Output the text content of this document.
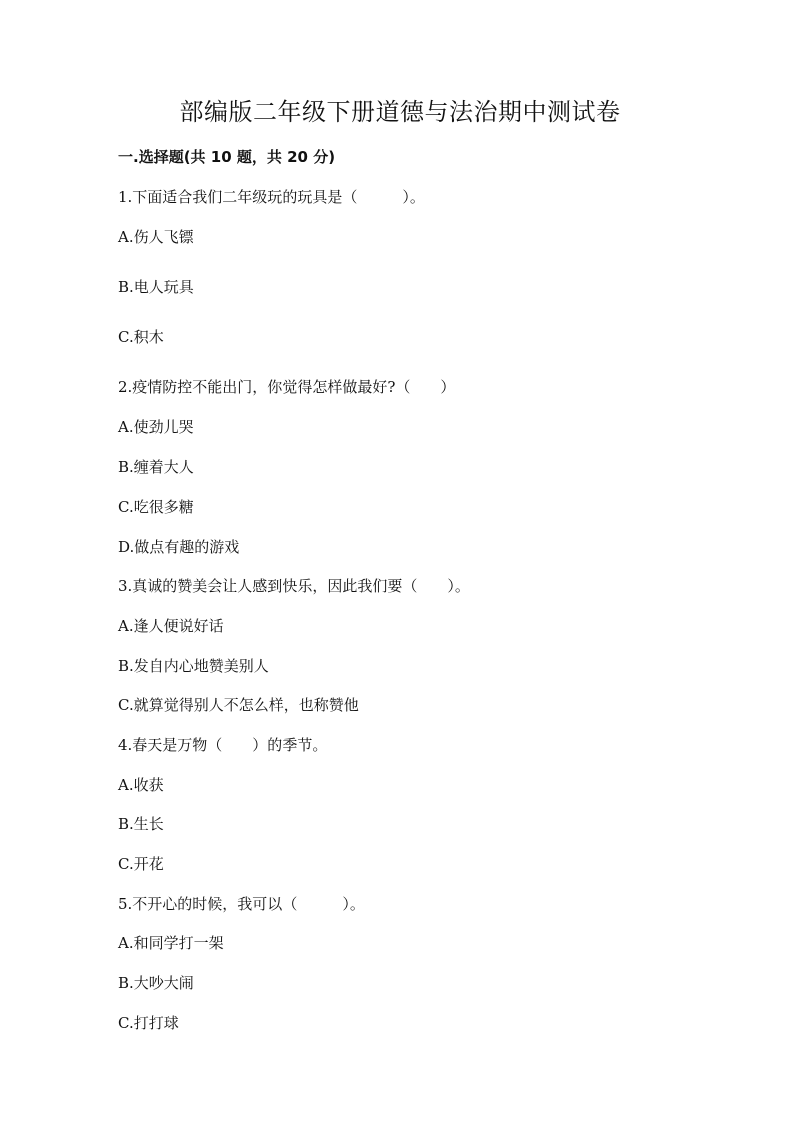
部编版二年级下册道德与法治期中测试卷
一.选择题(共 10 题，共 20 分)
1.下面适合我们二年级玩的玩具是（　　　）。
A.伤人飞镖
B.电人玩具
C.积木
2.疫情防控不能出门，你觉得怎样做最好?（　　）
A.使劲儿哭
B.缠着大人
C.吃很多糖
D.做点有趣的游戏
3.真诚的赞美会让人感到快乐，因此我们要（　　）。
A.逢人便说好话
B.发自内心地赞美别人
C.就算觉得别人不怎么样，也称赞他
4.春天是万物（　　）的季节。
A.收获
B.生长
C.开花
5.不开心的时候，我可以（　　　）。
A.和同学打一架
B.大吵大闹
C.打打球
